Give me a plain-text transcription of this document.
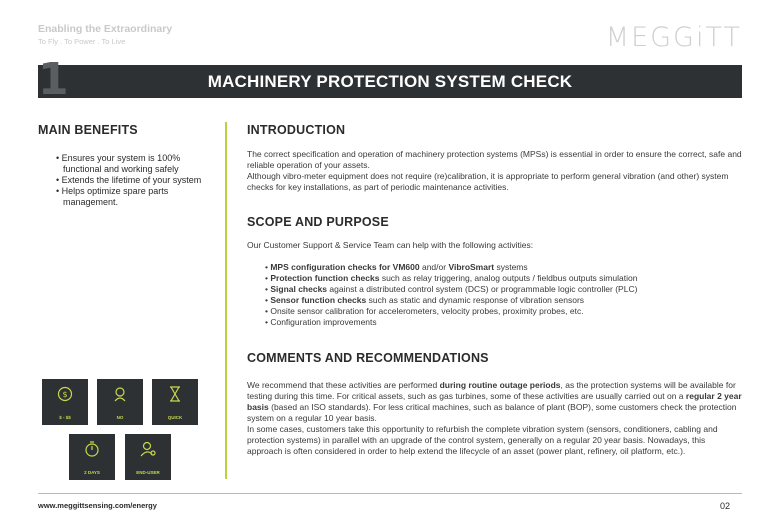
Enabling the Extraordinary
To Fly . To Power . To Live	MEGGiTT
1	MACHINERY PROTECTION SYSTEM CHECK
MAIN BENEFITS
• Ensures your system is 100% functional and working safely
• Extends the lifetime of your system
• Helps optimize spare parts management.
INTRODUCTION

The correct specification and operation of machinery protection systems (MPSs) is essential in order to ensure the correct, safe and reliable operation of your assets.

Although vibro-meter equipment does not require (re)calibration, it is appropriate to perform general vibration (and other) system checks for key installations, as part of periodic maintenance activities.

SCOPE AND PURPOSE
Our Customer Support & Service Team can help with the following activities:
• MPS configuration checks for VM600 and/or VibroSmart systems
• Protection function checks such as relay triggering, analog outputs / fieldbus outputs simulation
• Signal checks against a distributed control system (DCS) or programmable logic controller (PLC)
• Sensor function checks such as static and dynamic response of vibration sensors
• Onsite sensor calibration for accelerometers, velocity probes, proximity probes, etc.
• Configuration improvements
COMMENTS AND RECOMMENDATIONS

We recommend that these activities are performed during routine outage periods, as the protection systems will be available for testing during this time. For critical assets, such as gas turbines, some of these activities are usually carried out on a regular 2 year basis (based an ISO standards). For less critical machines, such as balance of plant (BOP), some customers check the protection system on a regular 10 year basis.

In some cases, customers take this opportunity to refurbish the complete vibration system (sensors, conditioners, cabling and protection systems) in parallel with an upgrade of the control system, generally on a regular 20 year basis. Nowadays, this approach is often considered in order to help extend the lifecycle of an asset (power plant, refinery, oil platform, etc.).

$
$ - $$	NO	QUICK
2 DAYS	END-USER
www.meggittsensing.com/energy	02
